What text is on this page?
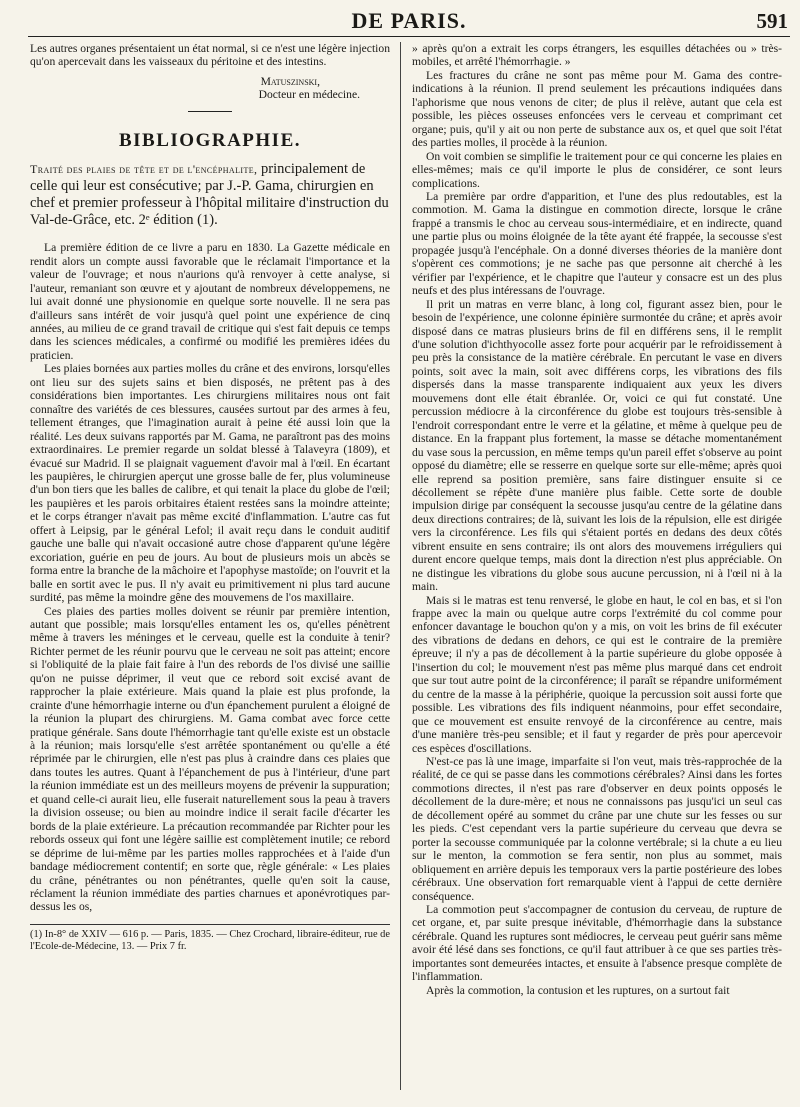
DE PARIS.	591

Les autres organes présentaient un état normal, si ce n'est une légère injection qu'on apercevait dans les vaisseaux du péritoine et des intestins.

Matuszinski,

Docteur en médecine.

BIBLIOGRAPHIE.

Traité des plaies de tête et de l'encéphalite, principalement de celle qui leur est consécutive; par J.-P. Gama, chirurgien en chef et premier professeur à l'hôpital militaire d'instruction du Val-de-Grâce, etc. 2ᵉ édition (1).

La première édition de ce livre a paru en 1830. La Gazette médicale en rendit alors un compte aussi favorable que le réclamait l'importance et la valeur de l'ouvrage; et nous n'aurions qu'à renvoyer à cette analyse, si l'auteur, remaniant son œuvre et y ajoutant de nombreux développemens, ne lui avait donné une physionomie en quelque sorte nouvelle. Il ne sera pas d'ailleurs sans intérêt de voir jusqu'à quel point une expérience de cinq années, au milieu de ce grand travail de critique qui s'est fait depuis ce temps dans les sciences médicales, a confirmé ou modifié les premières idées du praticien.

Les plaies bornées aux parties molles du crâne et des environs, lorsqu'elles ont lieu sur des sujets sains et bien disposés, ne prêtent pas à des considérations bien importantes. Les chirurgiens militaires nous ont fait connaître des variétés de ces blessures, causées surtout par des armes à feu, tellement étranges, que l'imagination aurait à peine été aussi loin que la réalité. Les deux suivans rapportés par M. Gama, ne paraîtront pas des moins extraordinaires. Le premier regarde un soldat blessé à Talaveyra (1809), et évacué sur Madrid. Il se plaignait vaguement d'avoir mal à l'œil. En écartant les paupières, le chirurgien aperçut une grosse balle de fer, plus volumineuse d'un bon tiers que les balles de calibre, et qui tenait la place du globe de l'œil; les paupières et les parois orbitaires étaient restées sans la moindre atteinte; et le corps étranger n'avait pas même excité d'inflammation. L'autre cas fut offert à Leipsig, par le général Lefol; il avait reçu dans le conduit auditif gauche une balle qui n'avait occasioné autre chose d'apparent qu'une légère excoriation, guérie en peu de jours. Au bout de plusieurs mois un abcès se forma entre la branche de la mâchoire et l'apophyse mastoïde; on l'ouvrit et la balle en sortit avec le pus. Il n'y avait eu primitivement ni plus tard aucune surdité, pas même la moindre gêne des mouvemens de l'os maxillaire.

Ces plaies des parties molles doivent se réunir par première intention, autant que possible; mais lorsqu'elles entament les os, qu'elles pénètrent même à travers les méninges et le cerveau, quelle est la conduite à tenir? Richter permet de les réunir pourvu que le cerveau ne soit pas atteint; encore si l'obliquité de la plaie fait faire à l'un des rebords de l'os divisé une saillie qu'on ne puisse déprimer, il veut que ce rebord soit excisé avant de rapprocher la plaie extérieure. Mais quand la plaie est plus profonde, la crainte d'une hémorrhagie interne ou d'un épanchement purulent a éloigné de la réunion la plupart des chirurgiens. M. Gama combat avec force cette pratique générale. Sans doute l'hémorrhagie tant qu'elle existe est un obstacle à la réunion; mais lorsqu'elle s'est arrêtée spontanément ou qu'elle a été réprimée par le chirurgien, elle n'est pas plus à craindre dans ces plaies que dans toutes les autres. Quant à l'épanchement de pus à l'intérieur, d'une part la réunion immédiate est un des meilleurs moyens de prévenir la suppuration; et quand celle-ci aurait lieu, elle fuserait naturellement sous la peau à travers la division osseuse; ou bien au moindre indice il serait facile d'écarter les bords de la plaie extérieure. La précaution recommandée par Richter pour les rebords osseux qui font une légère saillie est complètement inutile; ce rebord se déprime de lui-même par les parties molles rapprochées et à l'aide d'un bandage médiocrement contentif; en sorte que, règle générale: « Les plaies du crâne, pénétrantes ou non pénétrantes, quelle qu'en soit la cause, réclament la réunion immédiate des parties charnues et aponévrotiques par-dessus les os,

(1) In-8° de XXIV — 616 p. — Paris, 1835. — Chez Crochard, libraire-éditeur, rue de l'Ecole-de-Médecine, 13. — Prix 7 fr.

» après qu'on a extrait les corps étrangers, les esquilles détachées ou » très-mobiles, et arrêté l'hémorrhagie. »

Les fractures du crâne ne sont pas même pour M. Gama des contre-indications à la réunion. Il prend seulement les précautions indiquées dans l'aphorisme que nous venons de citer; de plus il relève, autant que cela est possible, les pièces osseuses enfoncées vers le cerveau et comprimant cet organe; puis, qu'il y ait ou non perte de substance aux os, et quel que soit l'état des parties molles, il procède à la réunion.

On voit combien se simplifie le traitement pour ce qui concerne les plaies en elles-mêmes; mais ce qu'il importe le plus de considérer, ce sont leurs complications.

La première par ordre d'apparition, et l'une des plus redoutables, est la commotion. M. Gama la distingue en commotion directe, lorsque le crâne frappé a transmis le choc au cerveau sous-intermédiaire, et en indirecte, quand une partie plus ou moins éloignée de la tête ayant été frappée, la secousse s'est propagée jusqu'à l'encéphale. On a donné diverses théories de la manière dont s'opèrent ces commotions; je ne sache pas que personne ait cherché à les vérifier par l'expérience, et le chapitre que l'auteur y consacre est un des plus neufs et des plus intéressans de l'ouvrage.

Il prit un matras en verre blanc, à long col, figurant assez bien, pour le besoin de l'expérience, une colonne épinière surmontée du crâne; et après avoir disposé dans ce matras plusieurs brins de fil en différens sens, il le remplit d'une solution d'ichthyocolle assez forte pour acquérir par le refroidissement à peu près la consistance de la matière cérébrale. En percutant le vase en divers points, soit avec la main, soit avec différens corps, les vibrations des fils dispersés dans la masse transparente indiquaient aux yeux les divers mouvemens dont elle était ébranlée. Or, voici ce qui fut constaté. Une percussion médiocre à la circonférence du globe est toujours très-sensible à l'endroit correspondant entre le verre et la gélatine, et même à quelque peu de distance. En la frappant plus fortement, la masse se détache momentanément du vase sous la percussion, en même temps qu'un pareil effet s'observe au point opposé du diamètre; elle se resserre en quelque sorte sur elle-même; après quoi elle reprend sa position première, sans faire distinguer ensuite si ce décollement se répète d'une manière plus faible. Cette sorte de double impulsion dirige par conséquent la secousse jusqu'au centre de la gélatine dans deux directions contraires; de là, suivant les lois de la répulsion, elle est dirigée vers la circonférence. Les fils qui s'étaient portés en dedans des deux côtés vibrent ensuite en sens contraire; ils ont alors des mouvemens irréguliers qui durent encore quelque temps, mais dont la direction n'est plus appréciable. On ne distingue les vibrations du globe sous aucune percussion, ni à l'œil ni à la main.

Mais si le matras est tenu renversé, le globe en haut, le col en bas, et si l'on frappe avec la main ou quelque autre corps l'extrémité du col comme pour enfoncer davantage le bouchon qu'on y a mis, on voit les brins de fil exécuter des vibrations de dedans en dehors, ce qui est le contraire de la première épreuve; il n'y a pas de décollement à la partie supérieure du globe opposée à l'insertion du col; le mouvement n'est pas même plus marqué dans cet endroit que sur tout autre point de la circonférence; il paraît se répandre uniformément du centre de la masse à la périphérie, quoique la percussion soit aussi forte que possible. Les vibrations des fils indiquent néanmoins, pour effet secondaire, que ce mouvement est ensuite renvoyé de la circonférence au centre, mais d'une manière très-peu sensible; et il faut y regarder de près pour apercevoir ces espèces d'oscillations.

N'est-ce pas là une image, imparfaite si l'on veut, mais très-rapprochée de la réalité, de ce qui se passe dans les commotions cérébrales? Ainsi dans les fortes commotions directes, il n'est pas rare d'observer en deux points opposés le décollement de la dure-mère; et nous ne connaissons pas jusqu'ici un seul cas de décollement opéré au sommet du crâne par une chute sur les fesses ou sur les pieds. C'est cependant vers la partie supérieure du cerveau que devra se porter la secousse communiquée par la colonne vertébrale; si la chute a eu lieu sur le menton, la commotion se fera sentir, non plus au sommet, mais obliquement en arrière depuis les temporaux vers la partie postérieure des lobes cérébraux. Une observation fort remarquable vient à l'appui de cette dernière conséquence.

La commotion peut s'accompagner de contusion du cerveau, de rupture de cet organe, et, par suite presque inévitable, d'hémorrhagie dans la substance cérébrale. Quand les ruptures sont médiocres, le cerveau peut guérir sans même avoir été lésé dans ses fonctions, ce qu'il faut attribuer à ce que ses parties très-importantes sont demeurées intactes, et ensuite à l'absence presque complète de l'inflammation.

Après la commotion, la contusion et les ruptures, on a surtout fait
